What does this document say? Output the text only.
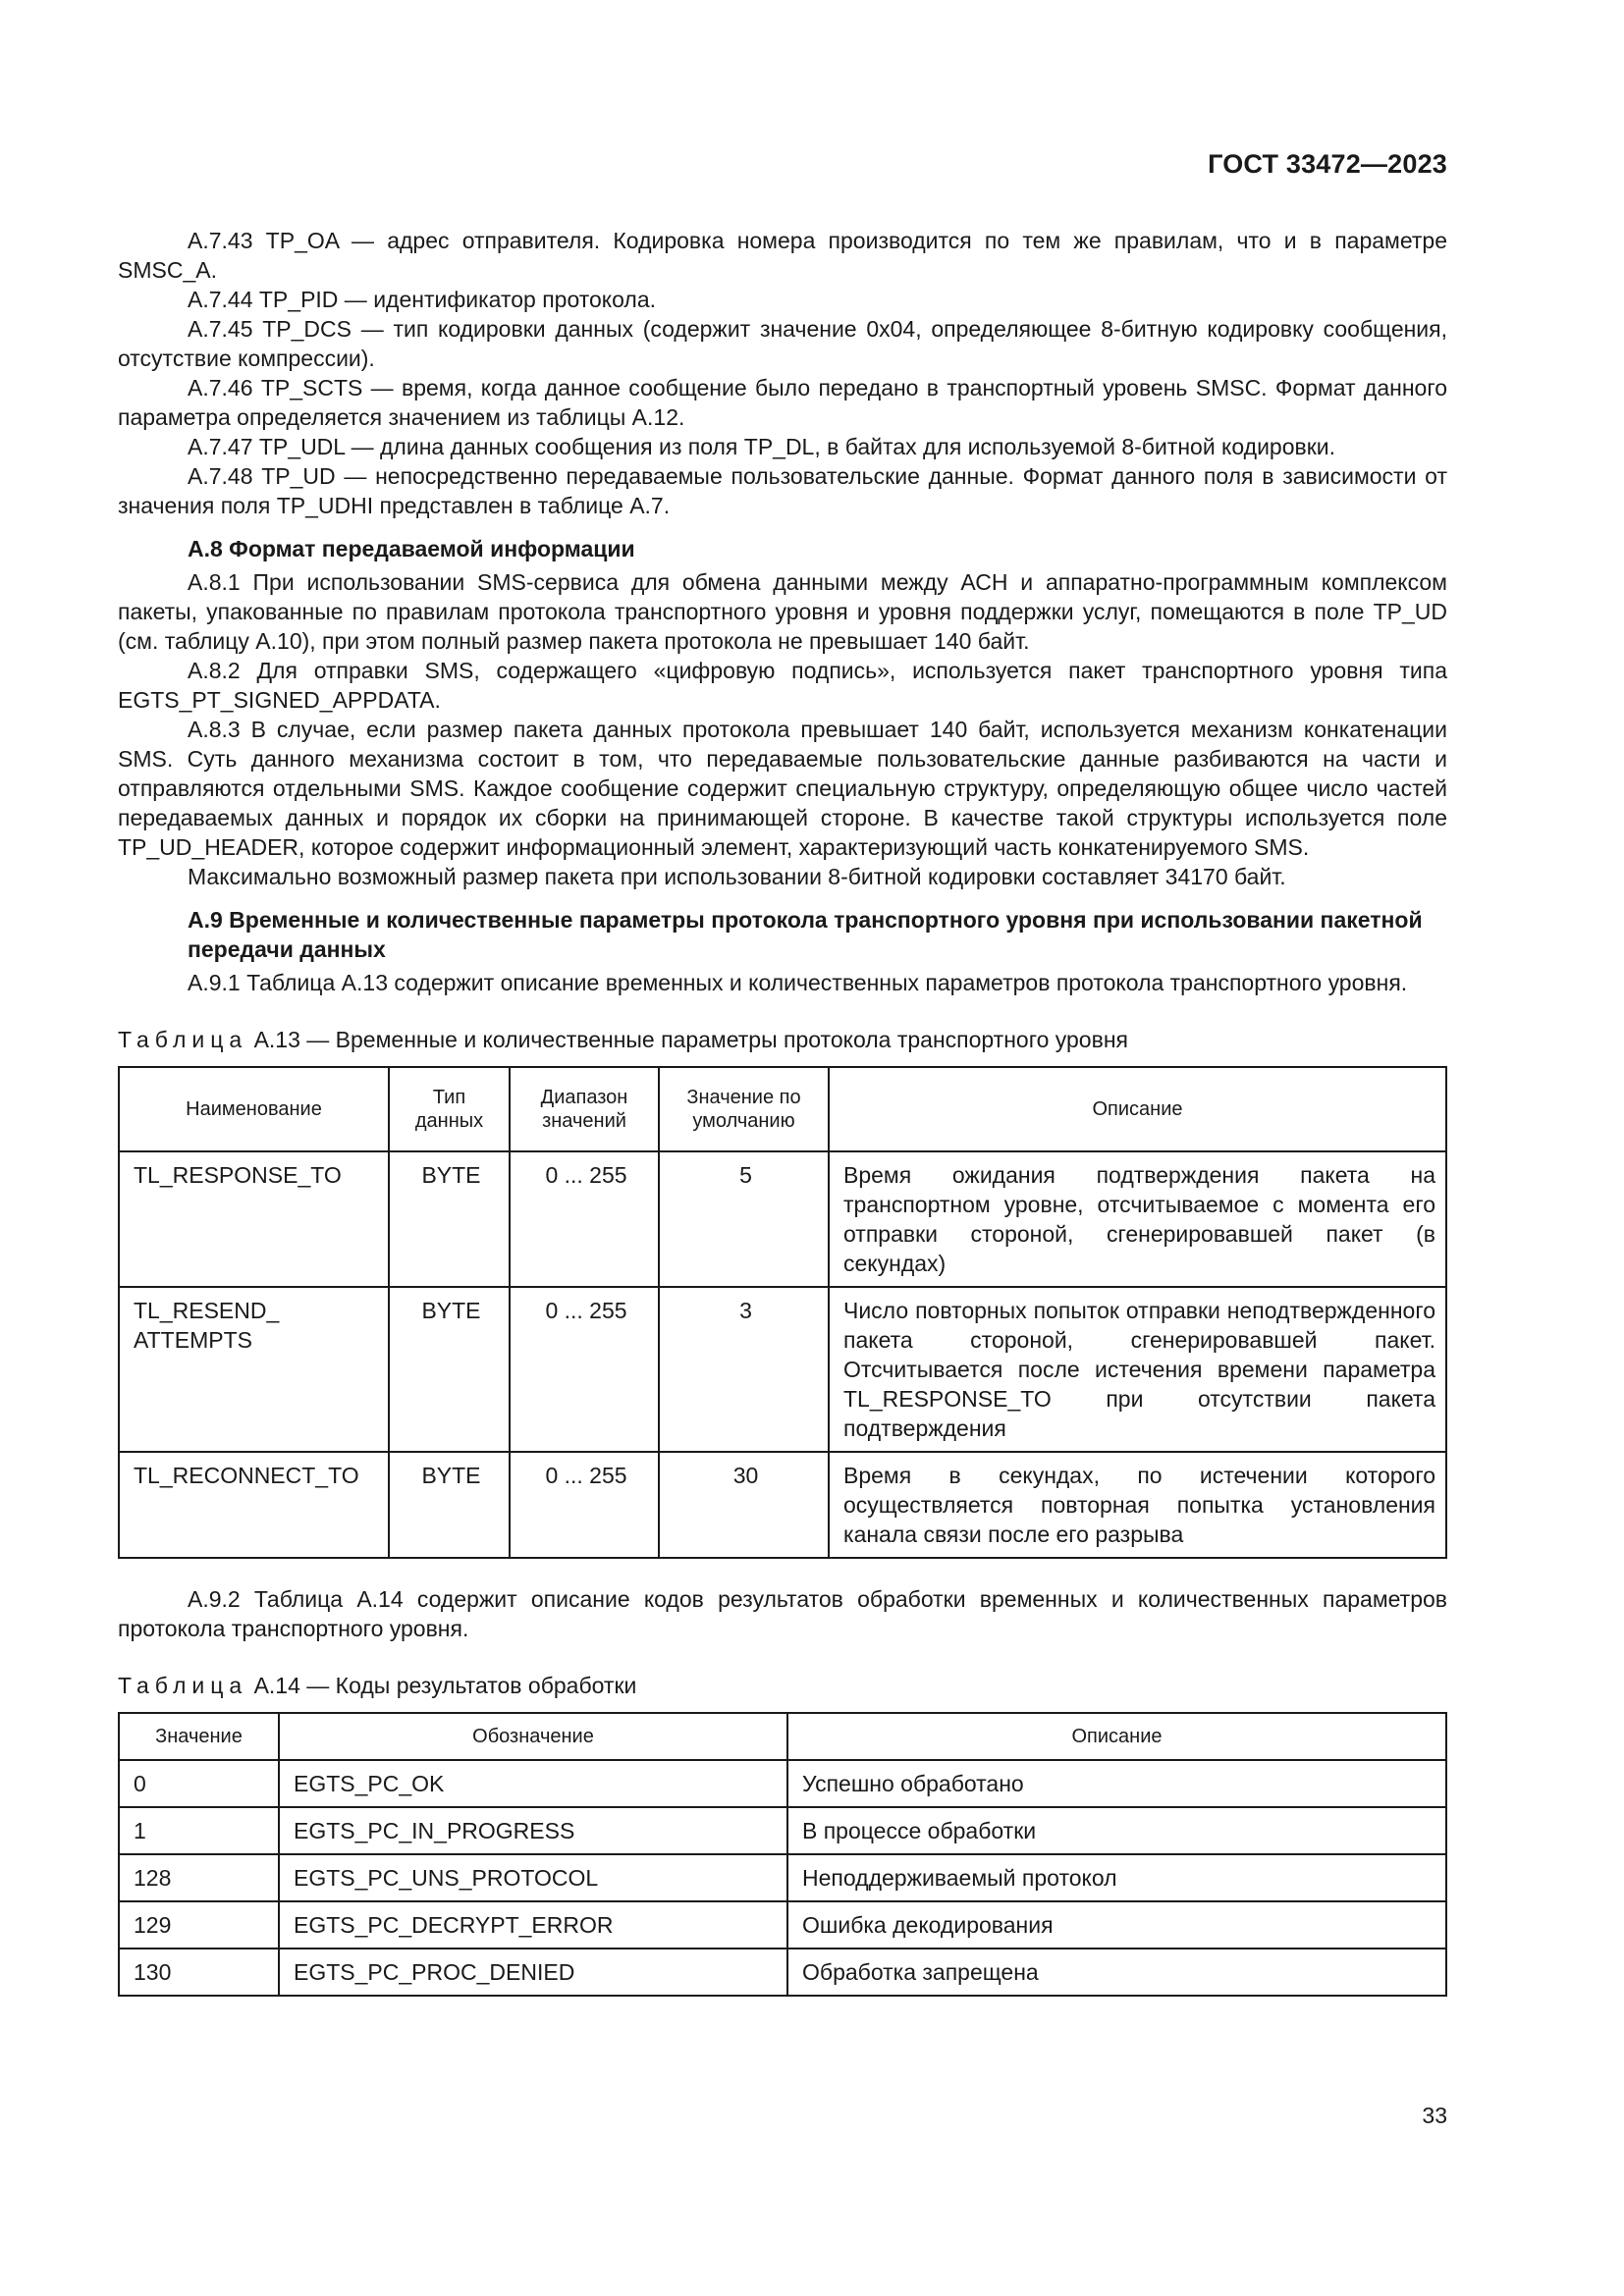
ГОСТ 33472—2023

А.7.43 TP_OA — адрес отправителя. Кодировка номера производится по тем же правилам, что и в параметре SMSC_A.

А.7.44 TP_PID — идентификатор протокола.

А.7.45 TP_DCS — тип кодировки данных (содержит значение 0x04, определяющее 8-битную кодировку сообщения, отсутствие компрессии).

А.7.46 TP_SCTS — время, когда данное сообщение было передано в транспортный уровень SMSC. Формат данного параметра определяется значением из таблицы А.12.

А.7.47 TP_UDL — длина данных сообщения из поля TP_DL, в байтах для используемой 8-битной кодировки.

А.7.48 TP_UD — непосредственно передаваемые пользовательские данные. Формат данного поля в зависимости от значения поля TP_UDHI представлен в таблице А.7.

А.8 Формат передаваемой информации

А.8.1 При использовании SMS-сервиса для обмена данными между АСН и аппаратно-программным комплексом пакеты, упакованные по правилам протокола транспортного уровня и уровня поддержки услуг, помещаются в поле TP_UD (см. таблицу А.10), при этом полный размер пакета протокола не превышает 140 байт.

А.8.2 Для отправки SMS, содержащего «цифровую подпись», используется пакет транспортного уровня типа EGTS_PT_SIGNED_APPDATA.

А.8.3 В случае, если размер пакета данных протокола превышает 140 байт, используется механизм конкатенации SMS. Суть данного механизма состоит в том, что передаваемые пользовательские данные разбиваются на части и отправляются отдельными SMS. Каждое сообщение содержит специальную структуру, определяющую общее число частей передаваемых данных и порядок их сборки на принимающей стороне. В качестве такой структуры используется поле TP_UD_HEADER, которое содержит информационный элемент, характеризующий часть конкатенируемого SMS.

Максимально возможный размер пакета при использовании 8-битной кодировки составляет 34170 байт.

А.9 Временные и количественные параметры протокола транспортного уровня при использовании пакетной передачи данных

А.9.1 Таблица А.13 содержит описание временных и количественных параметров протокола транспортного уровня.

Таблица А.13 — Временные и количественные параметры протокола транспортного уровня

Наименование	Тип данных	Диапазон значений	Значение по умолчанию	Описание
TL_RESPONSE_TO	BYTE	0 ... 255	5	Время ожидания подтверждения пакета на транспортном уровне, отсчитываемое с момента его отправки стороной, сгенерировавшей пакет (в секундах)
TL_RESEND_ ATTEMPTS	BYTE	0 ... 255	3	Число повторных попыток отправки неподтвержденного пакета стороной, сгенерировавшей пакет. Отсчитывается после истечения времени параметра TL_RESPONSE_TO при отсутствии пакета подтверждения
TL_RECONNECT_TO	BYTE	0 ... 255	30	Время в секундах, по истечении которого осуществляется повторная попытка установления канала связи после его разрыва

А.9.2 Таблица А.14 содержит описание кодов результатов обработки временных и количественных параметров протокола транспортного уровня.

Таблица А.14 — Коды результатов обработки

Значение	Обозначение	Описание
0	EGTS_PC_OK	Успешно обработано
1	EGTS_PC_IN_PROGRESS	В процессе обработки
128	EGTS_PC_UNS_PROTOCOL	Неподдерживаемый протокол
129	EGTS_PC_DECRYPT_ERROR	Ошибка декодирования
130	EGTS_PC_PROC_DENIED	Обработка запрещена
33
